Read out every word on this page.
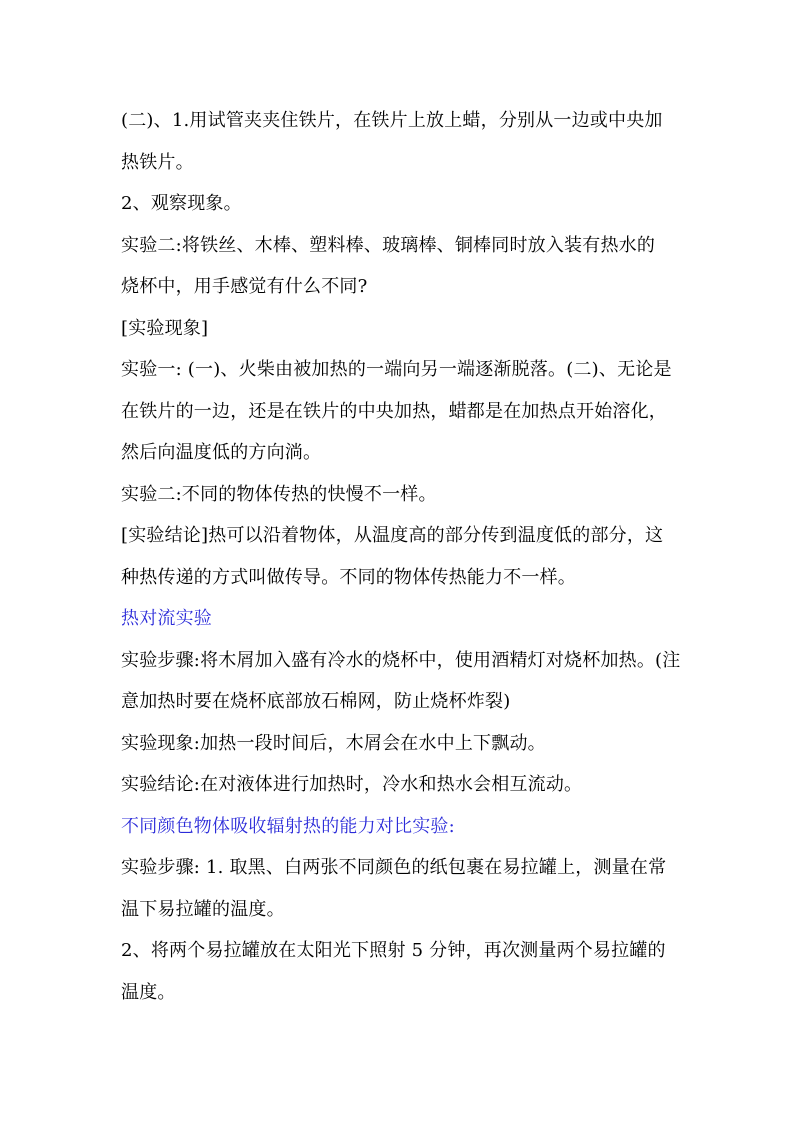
(二)、1.用试管夹夹住铁片，在铁片上放上蜡，分别从一边或中央加
热铁片。
2、观察现象。
实验二:将铁丝、木棒、塑料棒、玻璃棒、铜棒同时放入装有热水的
烧杯中，用手感觉有什么不同?
[实验现象]
实验一: (一)、火柴由被加热的一端向另一端逐渐脱落。(二)、无论是
在铁片的一边，还是在铁片的中央加热，蜡都是在加热点开始溶化，
然后向温度低的方向淌。
实验二:不同的物体传热的快慢不一样。
[实验结论]热可以沿着物体，从温度高的部分传到温度低的部分，这
种热传递的方式叫做传导。不同的物体传热能力不一样。
热对流实验
实验步骤:将木屑加入盛有冷水的烧杯中，使用酒精灯对烧杯加热。(注
意加热时要在烧杯底部放石棉网，防止烧杯炸裂)
实验现象:加热一段时间后，木屑会在水中上下飘动。
实验结论:在对液体进行加热时，冷水和热水会相互流动。
不同颜色物体吸收辐射热的能力对比实验:
实验步骤: 1. 取黑、白两张不同颜色的纸包裹在易拉罐上，测量在常
温下易拉罐的温度。
2、将两个易拉罐放在太阳光下照射 5 分钟，再次测量两个易拉罐的
温度。
